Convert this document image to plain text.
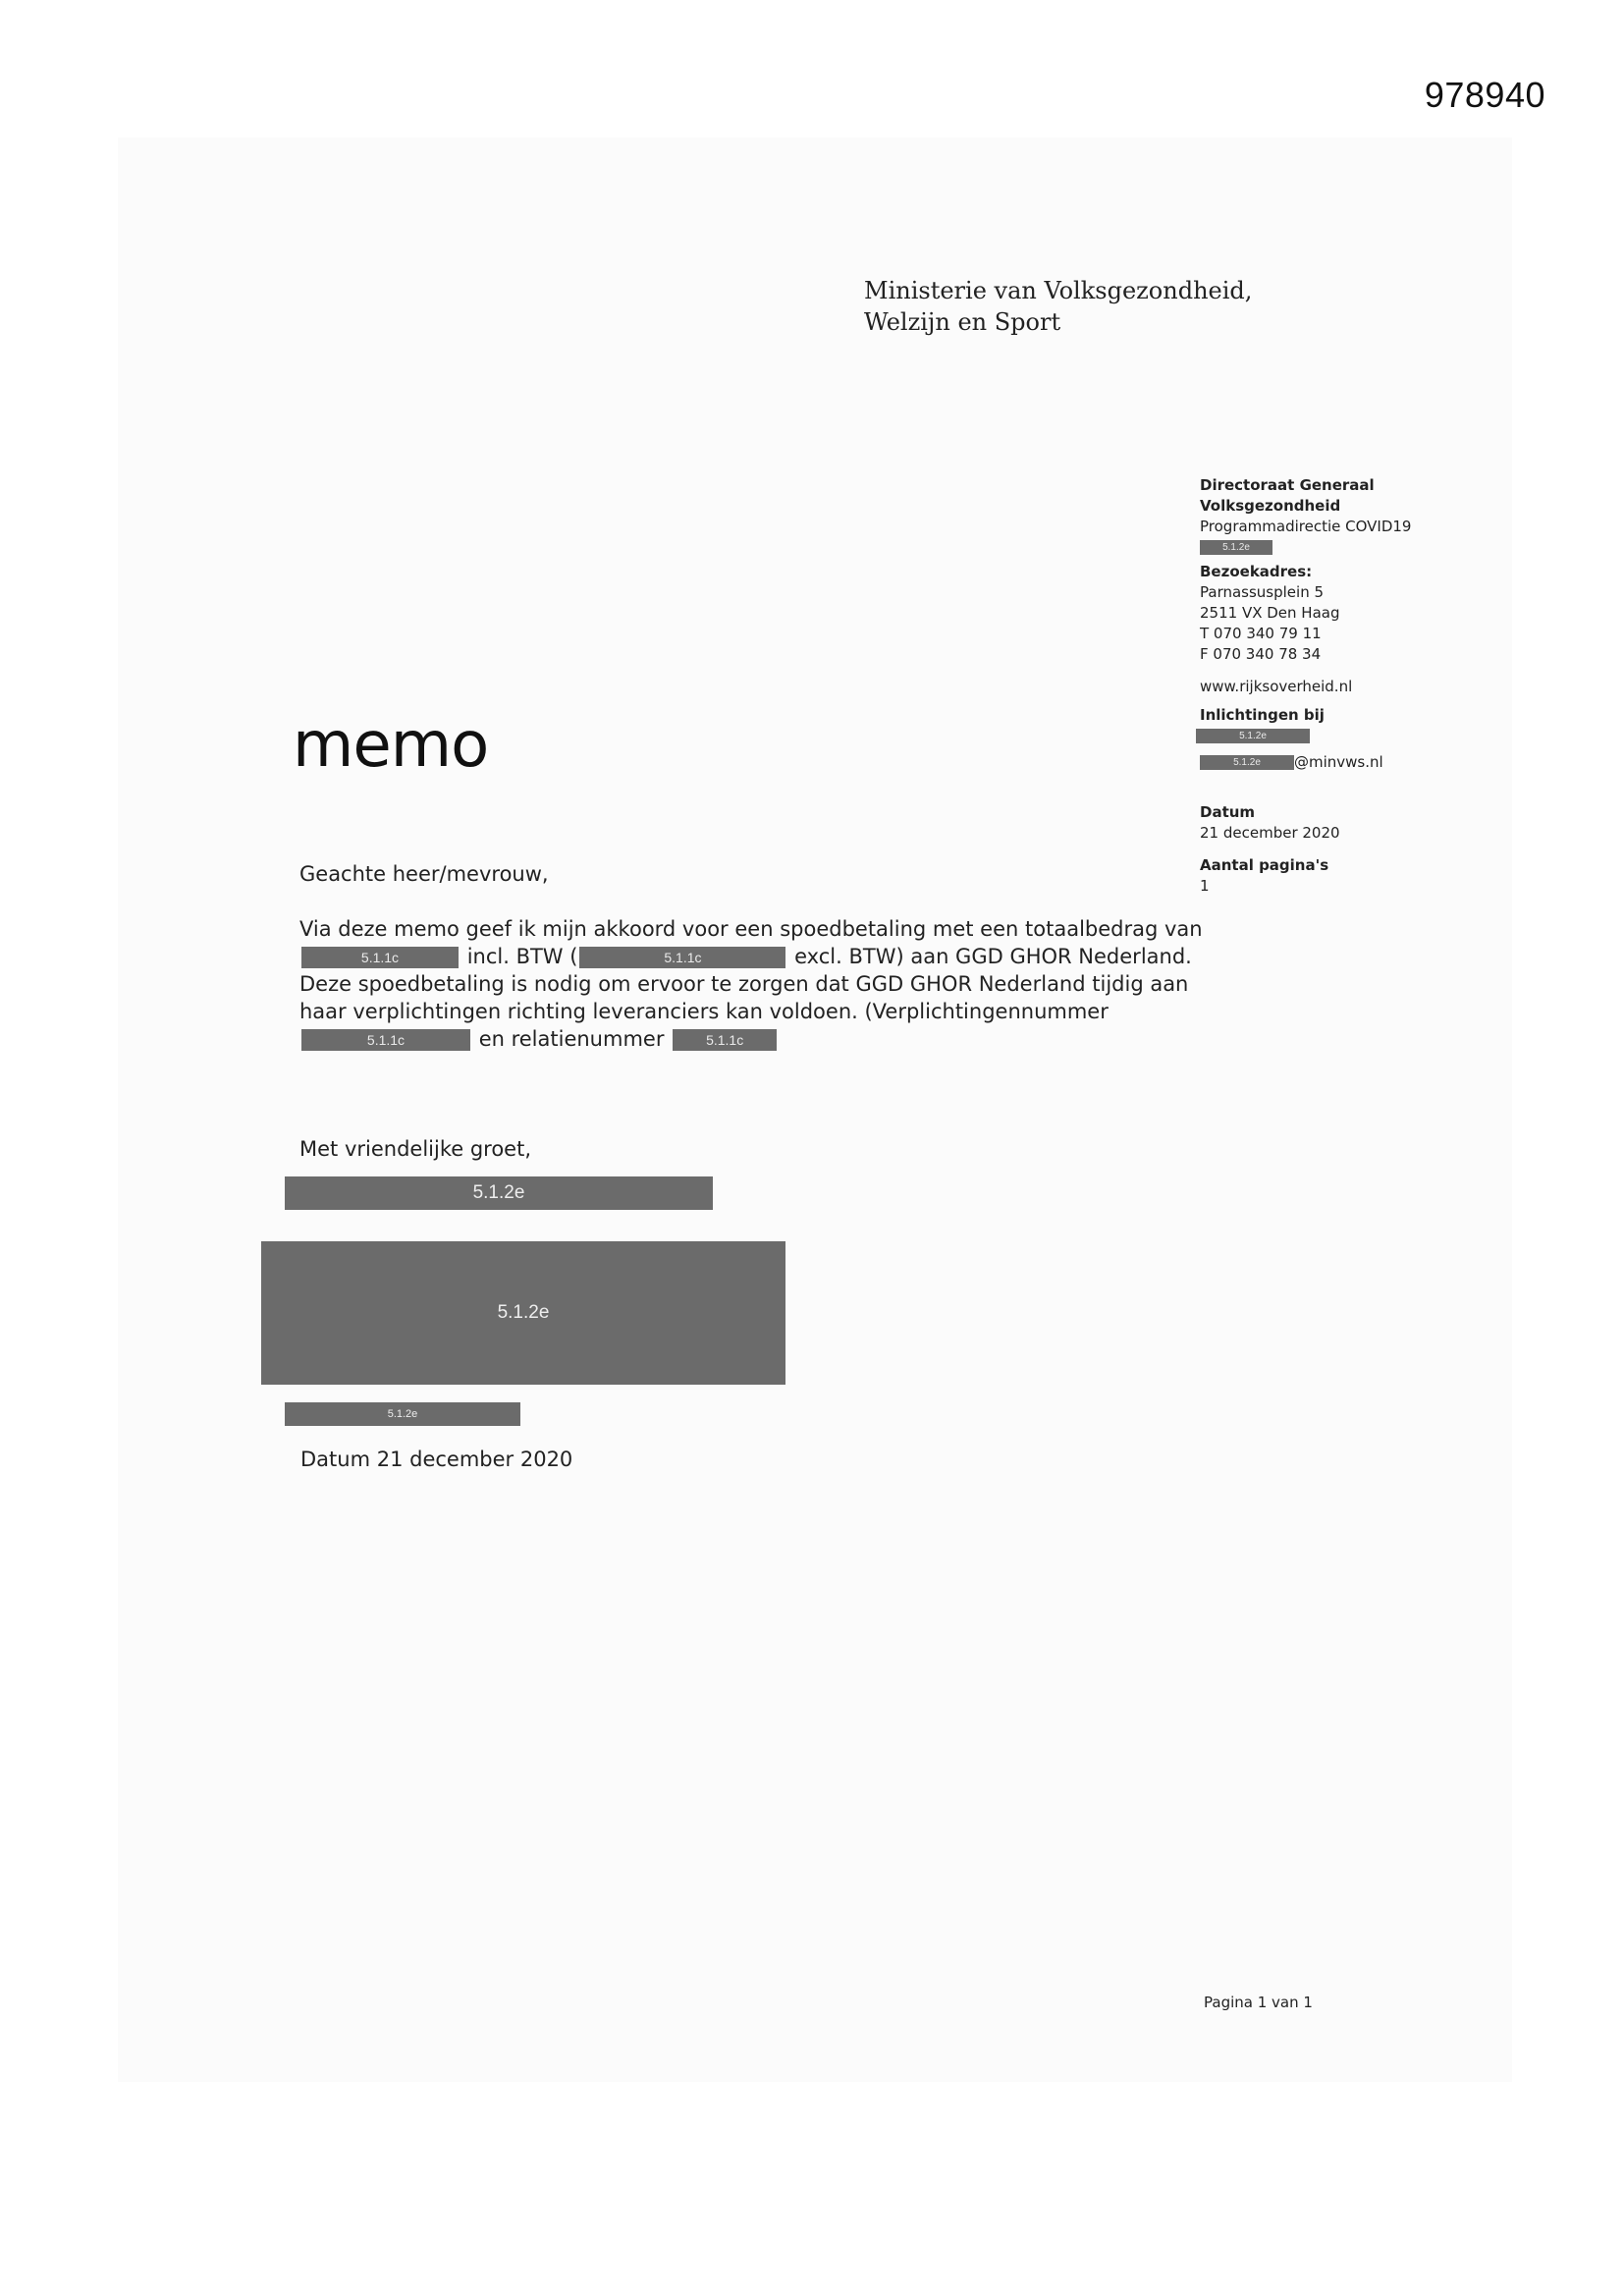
978940
Ministerie van Volksgezondheid,
Welzijn en Sport
Directoraat Generaal
Volksgezondheid
Programmadirectie COVID19
5.1.2e
Bezoekadres:
Parnassusplein 5
2511 VX Den Haag
T 070 340 79 11
F 070 340 78 34
www.rijksoverheid.nl
Inlichtingen bij
5.1.2e
5.1.2e @minvws.nl
Datum
21 december 2020
Aantal pagina's
1
memo

Geachte heer/mevrouw,

Via deze memo geef ik mijn akkoord voor een spoedbetaling met een totaalbedrag van 5.1.1c	incl. BTW (	5.1.1c	excl. BTW) aan GGD GHOR Nederland. Deze spoedbetaling is nodig om ervoor te zorgen dat GGD GHOR Nederland tijdig aan haar verplichtingen richting leveranciers kan voldoen. (Verplichtingennummer 5.1.1c	en relatienummer	5.1.1c

Met vriendelijke groet,

5.1.2e
5.1.2e
5.1.2e
Datum 21 december 2020
Pagina 1 van 1
